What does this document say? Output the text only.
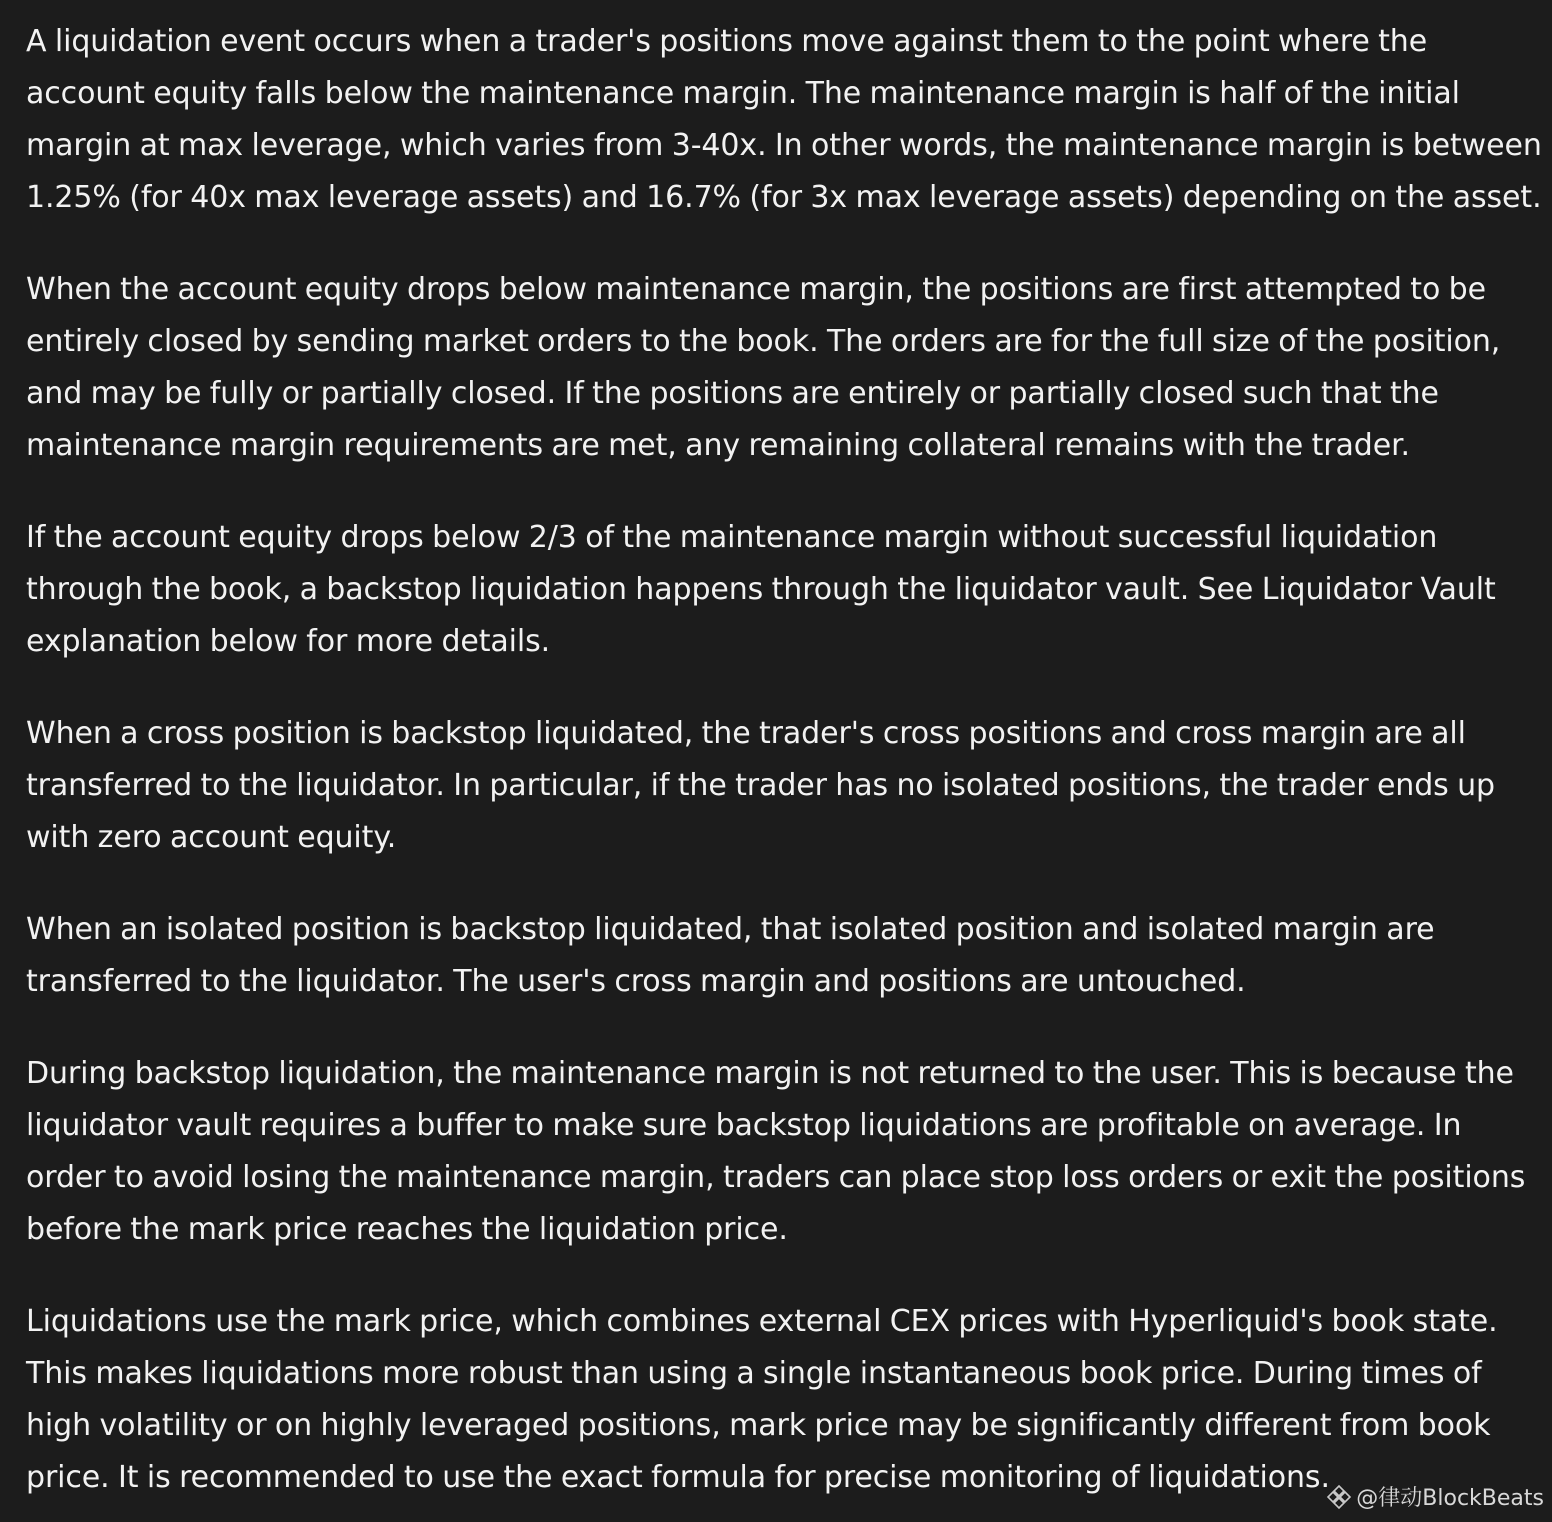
A liquidation event occurs when a trader's positions move against them to the point where the
account equity falls below the maintenance margin. The maintenance margin is half of the initial
margin at max leverage, which varies from 3-40x. In other words, the maintenance margin is between
1.25% (for 40x max leverage assets) and 16.7% (for 3x max leverage assets) depending on the asset.

When the account equity drops below maintenance margin, the positions are first attempted to be
entirely closed by sending market orders to the book. The orders are for the full size of the position,
and may be fully or partially closed. If the positions are entirely or partially closed such that the
maintenance margin requirements are met, any remaining collateral remains with the trader.

If the account equity drops below 2/3 of the maintenance margin without successful liquidation
through the book, a backstop liquidation happens through the liquidator vault. See Liquidator Vault
explanation below for more details.

When a cross position is backstop liquidated, the trader's cross positions and cross margin are all
transferred to the liquidator. In particular, if the trader has no isolated positions, the trader ends up
with zero account equity.

When an isolated position is backstop liquidated, that isolated position and isolated margin are
transferred to the liquidator. The user's cross margin and positions are untouched.

During backstop liquidation, the maintenance margin is not returned to the user. This is because the
liquidator vault requires a buffer to make sure backstop liquidations are profitable on average. In
order to avoid losing the maintenance margin, traders can place stop loss orders or exit the positions
before the mark price reaches the liquidation price.

Liquidations use the mark price, which combines external CEX prices with Hyperliquid's book state.
This makes liquidations more robust than using a single instantaneous book price. During times of
high volatility or on highly leveraged positions, mark price may be significantly different from book
price. It is recommended to use the exact formula for precise monitoring of liquidations.

@律动BlockBeats
